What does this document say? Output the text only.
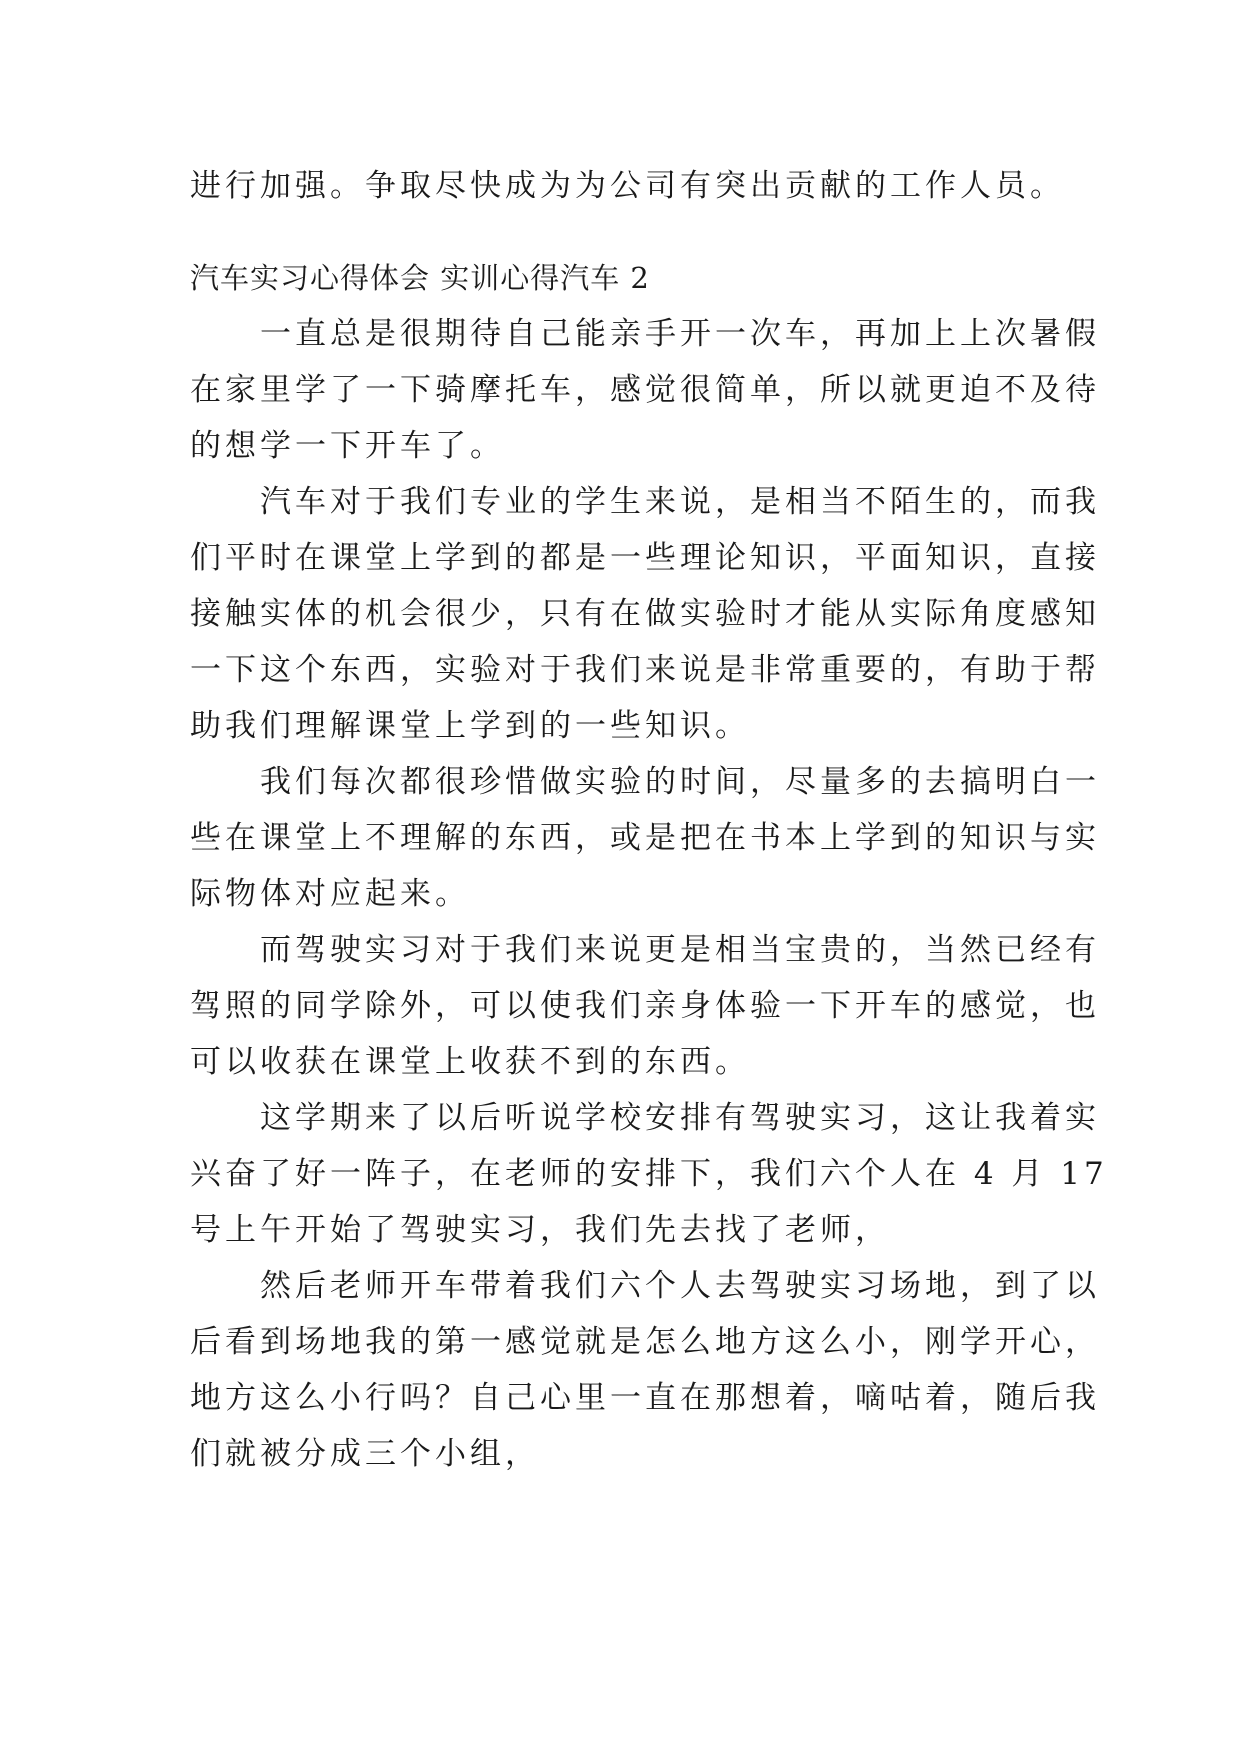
进行加强。争取尽快成为为公司有突出贡献的工作人员。

汽车实习心得体会 实训心得汽车 2

一直总是很期待自己能亲手开一次车，再加上上次暑假
在家里学了一下骑摩托车，感觉很简单，所以就更迫不及待
的想学一下开车了。
汽车对于我们专业的学生来说，是相当不陌生的，而我
们平时在课堂上学到的都是一些理论知识，平面知识，直接
接触实体的机会很少，只有在做实验时才能从实际角度感知
一下这个东西，实验对于我们来说是非常重要的，有助于帮
助我们理解课堂上学到的一些知识。
我们每次都很珍惜做实验的时间，尽量多的去搞明白一
些在课堂上不理解的东西，或是把在书本上学到的知识与实
际物体对应起来。
而驾驶实习对于我们来说更是相当宝贵的，当然已经有
驾照的同学除外，可以使我们亲身体验一下开车的感觉，也
可以收获在课堂上收获不到的东西。
这学期来了以后听说学校安排有驾驶实习，这让我着实
兴奋了好一阵子，在老师的安排下，我们六个人在 4 月 17
号上午开始了驾驶实习，我们先去找了老师，
然后老师开车带着我们六个人去驾驶实习场地，到了以
后看到场地我的第一感觉就是怎么地方这么小，刚学开心，
地方这么小行吗？自己心里一直在那想着，嘀咕着，随后我
们就被分成三个小组，
